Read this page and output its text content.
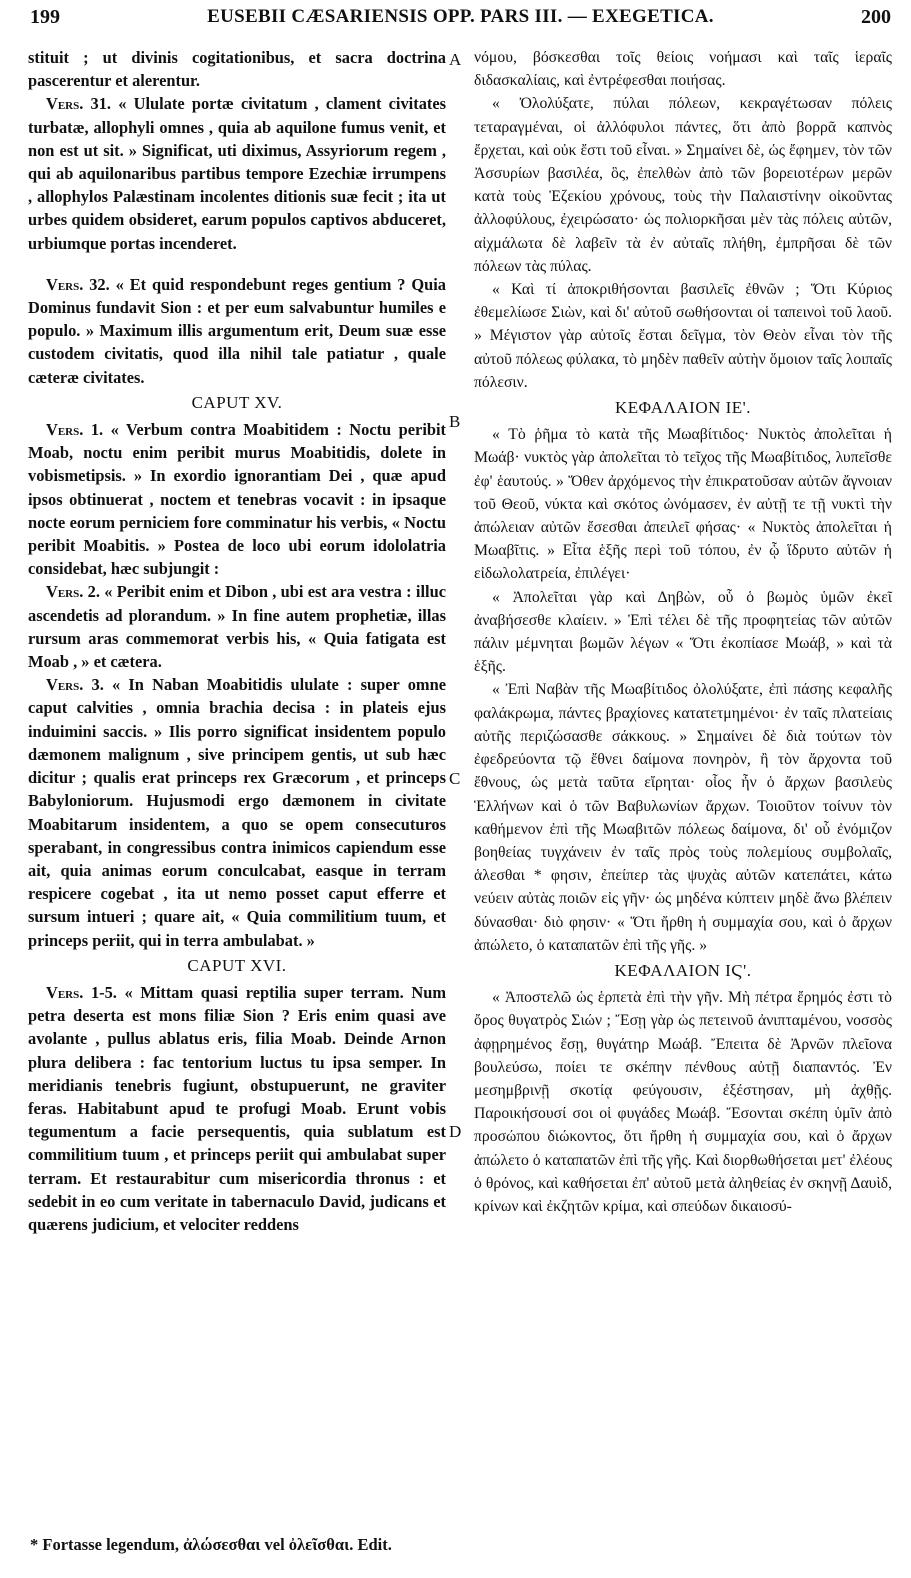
199	EUSEBII CÆSARIENSIS OPP. PARS III. — EXEGETICA.	200

stituit ; ut divinis cogitationibus, et sacra doctrina pascerentur et alerentur.

Vers. 31. « Ululate portæ civitatum , clament civitates turbatæ, allophyli omnes , quia ab aquilone fumus venit, et non est ut sit. » Significat, uti diximus, Assyriorum regem , qui ab aquilonaribus partibus tempore Ezechiæ irrumpens , allophylos Palæstinam incolentes ditionis suæ fecit ; ita ut urbes quidem obsideret, earum populos captivos abduceret, urbiumque portas incenderet.

Vers. 32. « Et quid respondebunt reges gentium ? Quia Dominus fundavit Sion : et per eum salvabuntur humiles e populo. » Maximum illis argumentum erit, Deum suæ esse custodem civitatis, quod illa nihil tale patiatur , quale cæteræ civitates.

CAPUT XV.

Vers. 1. « Verbum contra Moabitidem : Noctu peribit Moab, noctu enim peribit murus Moabitidis, dolete in vobismetipsis. » In exordio ignorantiam Dei , quæ apud ipsos obtinuerat , noctem et tenebras vocavit : in ipsaque nocte eorum perniciem fore comminatur his verbis, « Noctu peribit Moabitis. » Postea de loco ubi eorum idololatria considebat, hæc subjungit :

Vers. 2. « Peribit enim et Dibon , ubi est ara vestra : illuc ascendetis ad plorandum. » In fine autem prophetiæ, illas rursum aras commemorat verbis his, « Quia fatigata est Moab , » et cætera.

Vers. 3. « In Naban Moabitidis ululate : super omne caput calvities , omnia brachia decisa : in plateis ejus induimini saccis. » Ilis porro significat insidentem populo dæmonem malignum , sive principem gentis, ut sub hæc dicitur ; qualis erat princeps rex Græcorum , et princeps Babyloniorum. Hujusmodi ergo dæmonem in civitate Moabitarum insidentem, a quo se opem consecuturos sperabant, in congressibus contra inimicos capiendum esse ait, quia animas eorum conculcabat, easque in terram respicere cogebat , ita ut nemo posset caput efferre et sursum intueri ; quare ait, « Quia commilitium tuum, et princeps periit, qui in terra ambulabat. »

CAPUT XVI.

Vers. 1-5. « Mittam quasi reptilia super terram. Num petra deserta est mons filiæ Sion ? Eris enim quasi ave avolante , pullus ablatus eris, filia Moab. Deinde Arnon plura delibera : fac tentorium luctus tu ipsa semper. In meridianis tenebris fugiunt, obstupuerunt, ne graviter feras. Habitabunt apud te profugi Moab. Erunt vobis tegumentum a facie persequentis, quia sublatum est commilitium tuum , et princeps periit qui ambulabat super terram. Et restaurabitur cum misericordia thronus : et sedebit in eo cum veritate in tabernaculo David, judicans et quærens judicium, et velociter reddens

A
B
C
D

νόμου, βόσκεσθαι τοῖς θείοις νοήμασι καὶ ταῖς ἱεραῖς διδασκαλίαις, καὶ ἐντρέφεσθαι ποιήσας.

« Ὀλολύξατε, πύλαι πόλεων, κεκραγέτωσαν πόλεις τεταραγμέναι, οἱ ἀλλόφυλοι πάντες, ὅτι ἀπὸ βορρᾶ καπνὸς ἔρχεται, καὶ οὐκ ἔστι τοῦ εἶναι. » Σημαίνει δὲ, ὡς ἔφημεν, τὸν τῶν Ἀσσυρίων βασιλέα, ὃς, ἐπελθὼν ἀπὸ τῶν βορειοτέρων μερῶν κατὰ τοὺς Ἐζεκίου χρόνους, τοὺς τὴν Παλαιστίνην οἰκοῦντας ἀλλοφύλους, ἐχειρώσατο· ὡς πολιορκῆσαι μὲν τὰς πόλεις αὐτῶν, αἰχμάλωτα δὲ λαβεῖν τὰ ἐν αὐταῖς πλήθη, ἐμπρῆσαι δὲ τῶν πόλεων τὰς πύλας.

« Καὶ τί ἀποκριθήσονται βασιλεῖς ἐθνῶν ; Ὅτι Κύριος ἐθεμελίωσε Σιὼν, καὶ δι' αὐτοῦ σωθήσονται οἱ ταπεινοὶ τοῦ λαοῦ. » Μέγιστον γὰρ αὐτοῖς ἔσται δεῖγμα, τὸν Θεὸν εἶναι τὸν τῆς αὐτοῦ πόλεως φύλακα, τὸ μηδὲν παθεῖν αὐτὴν ὅμοιον ταῖς λοιπαῖς πόλεσιν.

ΚΕΦΑΛΑΙΟΝ ΙΕ'.

« Τὸ ῥῆμα τὸ κατὰ τῆς Μωαβίτιδος· Νυκτὸς ἀπολεῖται ἡ Μωάβ· νυκτὸς γὰρ ἀπολεῖται τὸ τεῖχος τῆς Μωαβίτιδος, λυπεῖσθε ἐφ' ἑαυτούς. » Ὅθεν ἀρχόμενος τὴν ἐπικρατοῦσαν αὐτῶν ἄγνοιαν τοῦ Θεοῦ, νύκτα καὶ σκότος ὠνόμασεν, ἐν αὐτῇ τε τῇ νυκτὶ τὴν ἀπώλειαν αὐτῶν ἔσεσθαι ἀπειλεῖ φήσας· « Νυκτὸς ἀπολεῖται ἡ Μωαβῖτις. » Εἶτα ἑξῆς περὶ τοῦ τόπου, ἐν ᾧ ἵδρυτο αὐτῶν ἡ εἰδωλολατρεία, ἐπιλέγει·

« Ἀπολεῖται γὰρ καὶ Δηβὼν, οὗ ὁ βωμὸς ὑμῶν ἐκεῖ ἀναβήσεσθε κλαίειν. » Ἐπὶ τέλει δὲ τῆς προφητείας τῶν αὐτῶν πάλιν μέμνηται βωμῶν λέγων « Ὅτι ἐκοπίασε Μωάβ, » καὶ τὰ ἑξῆς.

« Ἐπὶ Ναβὰν τῆς Μωαβίτιδος ὀλολύξατε, ἐπὶ πάσης κεφαλῆς φαλάκρωμα, πάντες βραχίονες κατατετμημένοι· ἐν ταῖς πλατείαις αὐτῆς περιζώσασθε σάκκους. » Σημαίνει δὲ διὰ τούτων τὸν ἐφεδρεύοντα τῷ ἔθνει δαίμονα πονηρὸν, ἢ τὸν ἄρχοντα τοῦ ἔθνους, ὡς μετὰ ταῦτα εἴρηται· οἷος ἦν ὁ ἄρχων βασιλεὺς Ἑλλήνων καὶ ὁ τῶν Βαβυλωνίων ἄρχων. Τοιοῦτον τοίνυν τὸν καθήμενον ἐπὶ τῆς Μωαβιτῶν πόλεως δαίμονα, δι' οὗ ἐνόμιζον βοηθείας τυγχάνειν ἐν ταῖς πρὸς τοὺς πολεμίους συμβολαῖς, ἁλεσθαι * φησιν, ἐπείπερ τὰς ψυχὰς αὐτῶν κατεπάτει, κάτω νεύειν αὐτὰς ποιῶν εἰς γῆν· ὡς μηδένα κύπτειν μηδὲ ἄνω βλέπειν δύνασθαι· διὸ φησιν· « Ὅτι ἤρθη ἡ συμμαχία σου, καὶ ὁ ἄρχων ἀπώλετο, ὁ καταπατῶν ἐπὶ τῆς γῆς. »

ΚΕΦΑΛΑΙΟΝ ΙϚ'.

« Ἀποστελῶ ὡς ἑρπετὰ ἐπὶ τὴν γῆν. Μὴ πέτρα ἔρημός ἐστι τὸ ὄρος θυγατρὸς Σιών ; Ἔσῃ γὰρ ὡς πετεινοῦ ἀνιπταμένου, νοσσὸς ἀφῃρημένος ἔσῃ, θυγάτηρ Μωάβ. Ἔπειτα δὲ Ἀρνῶν πλεῖονα βουλεύσω, ποίει τε σκέπην πένθους αὐτῇ διαπαντός. Ἐν μεσημβρινῇ σκοτίᾳ φεύγουσιν, ἐξέστησαν, μὴ ἀχθῇς. Παροικήσουσί σοι οἱ φυγάδες Μωάβ. Ἔσονται σκέπη ὑμῖν ἀπὸ προσώπου διώκοντος, ὅτι ἤρθη ἡ συμμαχία σου, καὶ ὁ ἄρχων ἀπώλετο ὁ καταπατῶν ἐπὶ τῆς γῆς. Καὶ διορθωθήσεται μετ' ἐλέους ὁ θρόνος, καὶ καθήσεται ἐπ' αὐτοῦ μετὰ ἀληθείας ἐν σκηνῇ Δαυὶδ, κρίνων καὶ ἐκζητῶν κρίμα, καὶ σπεύδων δικαιοσύ-

* Fortasse legendum, ἀλώσεσθαι vel ὀλεῖσθαι. Edit.
